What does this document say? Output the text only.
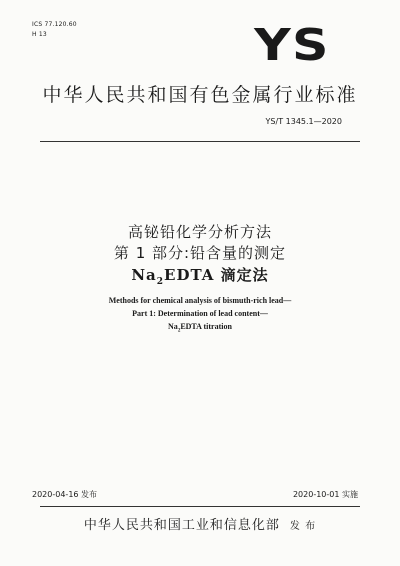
ICS 77.120.60
H 13	YS
中华人民共和国有色金属行业标准
YS/T 1345.1—2020
高铋铅化学分析方法
第 1 部分:铅含量的测定
$Na_2EDTA$ 滴定法
Methods for chemical analysis of bismuth-rich lead—
Part 1: Determination of lead content—
$Na_2EDTA$ titration
2020-04-16 发布	2020-10-01 实施
中华人民共和国工业和信息化部 发 布
